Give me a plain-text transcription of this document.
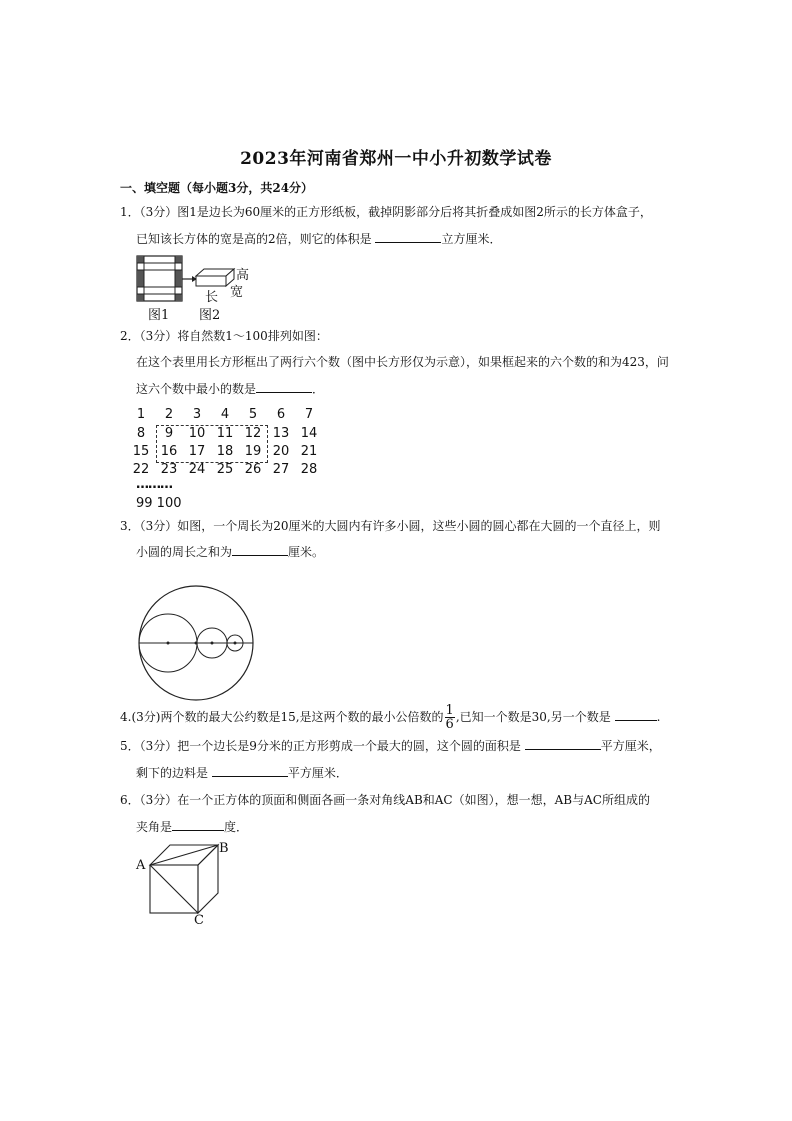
2023年河南省郑州一中小升初数学试卷
一、填空题（每小题3分，共24分）
1．（3分）图1是边长为60厘米的正方形纸板，截掉阴影部分后将其折叠成如图2所示的长方体盒子，
已知该长方体的宽是高的2倍，则它的体积是	立方厘米．
高
长 宽
图1 图2
2．（3分）将自然数1～100排列如图：
在这个表里用长方形框出了两行六个数（图中长方形仅为示意），如果框起来的六个数的和为423，问
这六个数中最小的数是	．
1	2	3	4	5	6	7
8	9	10 11 12 13 14
15 16 17 18 19 20 21
22 23 24 25 26 27 28
………
99 100
3．（3分）如图，一个周长为20厘米的大圆内有许多小圆，这些小圆的圆心都在大圆的一个直径上，则
小圆的周长之和为	厘米。
4.(3分)两个数的最大公约数是15,是这两个数的最小公倍数的 $\frac{1}{6}$ ,已知一个数是30,另一个数是	.
5．（3分）把一个边长是9分米的正方形剪成一个最大的圆，这个圆的面积是	平方厘米，
剩下的边料是	平方厘米．
6．（3分）在一个正方体的顶面和侧面各画一条对角线AB和AC（如图），想一想，AB与AC所组成的
夹角是	度．
A
B
C
